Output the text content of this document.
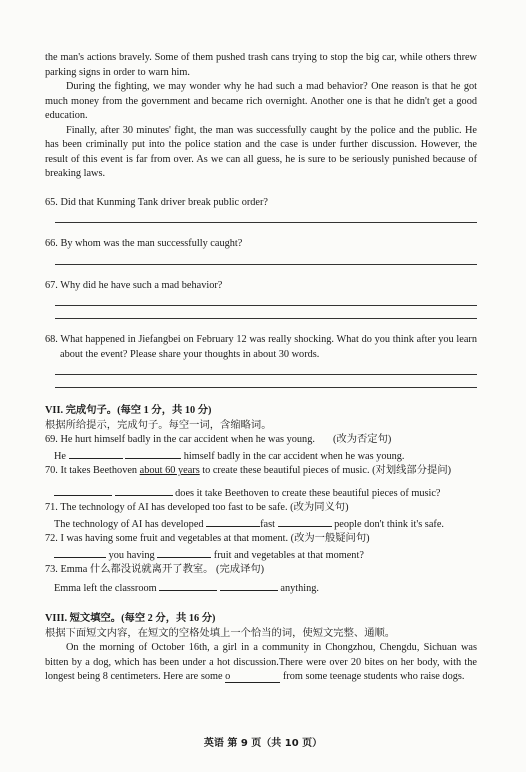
the man's actions bravely. Some of them pushed trash cans trying to stop the big car, while others threw parking signs in order to warn him.

During the fighting, we may wonder why he had such a mad behavior? One reason is that he got much money from the government and became rich overnight. Another one is that he didn't get a good education.

Finally, after 30 minutes' fight, the man was successfully caught by the police and the public. He has been criminally put into the police station and the case is under further discussion. However, the result of this event is far from over. As we can all guess, he is sure to be seriously punished because of breaking laws.

65. Did that Kunming Tank driver break public order?

66. By whom was the man successfully caught?

67. Why did he have such a mad behavior?

68. What happened in Jiefangbei on February 12 was really shocking. What do you think after you learn about the event? Please share your thoughts in about 30 words.

VII. 完成句子。(每空 1 分，共 10 分)

根据所给提示，完成句子。每空一词，含缩略词。

69. He hurt himself badly in the car accident when he was young. (改为否定句)

He	himself badly in the car accident when he was young.

70. It takes Beethoven about 60 years to create these beautiful pieces of music. (对划线部分提问)

does it take Beethoven to create these beautiful pieces of music?

71. The technology of AI has developed too fast to be safe. (改为同义句)

The technology of AI has developed	fast	people don't think it's safe.

72. I was having some fruit and vegetables at that moment. (改为一般疑问句)

you having	fruit and vegetables at that moment?

73. Emma 什么都没说就离开了教室。 (完成译句)

Emma left the classroom	anything.

VIII. 短文填空。(每空 2 分，共 16 分)

根据下面短文内容，在短文的空格处填上一个恰当的词，使短文完整、通顺。

On the morning of October 16th, a girl in a community in Chongzhou, Chengdu, Sichuan was bitten by a dog, which has been under a hot discussion.There were over 20 bites on her body, with the longest being 8 centimeters. Here are some o	from some teenage students who raise dogs.

英语 第 9 页（共 10 页）
